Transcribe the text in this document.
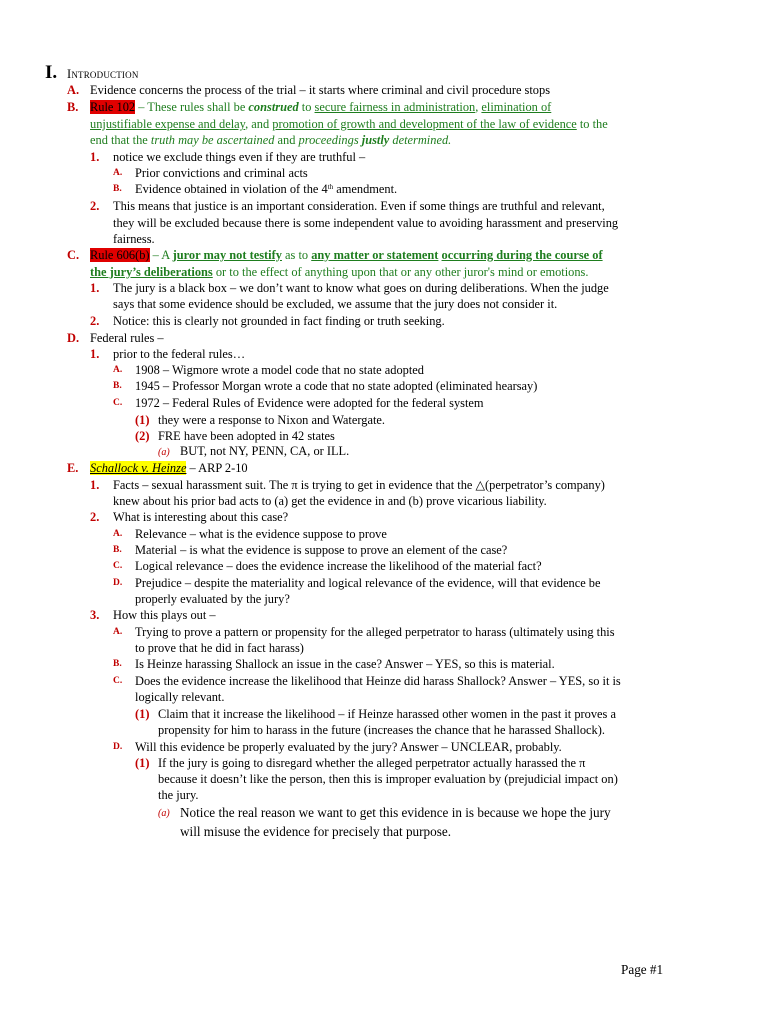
I. Introduction
A. Evidence concerns the process of the trial – it starts where criminal and civil procedure stops
B. Rule 102 – These rules shall be construed to secure fairness in administration, elimination of
unjustifiable expense and delay, and promotion of growth and development of the law of evidence to the
end that the truth may be ascertained and proceedings justly determined.
1. notice we exclude things even if they are truthful –
A. Prior convictions and criminal acts
B. Evidence obtained in violation of the 4th amendment.
2. This means that justice is an important consideration. Even if some things are truthful and relevant,
they will be excluded because there is some independent value to avoiding harassment and preserving
fairness.
C. Rule 606(b) – A juror may not testify as to any matter or statement occurring during the course of
the jury’s deliberations or to the effect of anything upon that or any other juror's mind or emotions.
1. The jury is a black box – we don’t want to know what goes on during deliberations. When the judge
says that some evidence should be excluded, we assume that the jury does not consider it.
2. Notice: this is clearly not grounded in fact finding or truth seeking.
D. Federal rules –
1. prior to the federal rules…
A. 1908 – Wigmore wrote a model code that no state adopted
B. 1945 – Professor Morgan wrote a code that no state adopted (eliminated hearsay)
C. 1972 – Federal Rules of Evidence were adopted for the federal system
(1) they were a response to Nixon and Watergate.
(2) FRE have been adopted in 42 states
(a) BUT, not NY, PENN, CA, or ILL.
E. Schallock v. Heinze – ARP 2-10
1. Facts – sexual harassment suit. The π is trying to get in evidence that the △(perpetrator’s company)
knew about his prior bad acts to (a) get the evidence in and (b) prove vicarious liability.
2. What is interesting about this case?
A. Relevance – what is the evidence suppose to prove
B. Material – is what the evidence is suppose to prove an element of the case?
C. Logical relevance – does the evidence increase the likelihood of the material fact?
D. Prejudice – despite the materiality and logical relevance of the evidence, will that evidence be
properly evaluated by the jury?
3. How this plays out –
A. Trying to prove a pattern or propensity for the alleged perpetrator to harass (ultimately using this
to prove that he did in fact harass)
B. Is Heinze harassing Shallock an issue in the case? Answer – YES, so this is material.
C. Does the evidence increase the likelihood that Heinze did harass Shallock? Answer – YES, so it is
logically relevant.
(1) Claim that it increase the likelihood – if Heinze harassed other women in the past it proves a
propensity for him to harass in the future (increases the chance that he harassed Shallock).
D. Will this evidence be properly evaluated by the jury? Answer – UNCLEAR, probably.
(1) If the jury is going to disregard whether the alleged perpetrator actually harassed the π
because it doesn’t like the person, then this is improper evaluation by (prejudicial impact on)
the jury.
(a) Notice the real reason we want to get this evidence in is because we hope the jury
will misuse the evidence for precisely that purpose.
Page #1
